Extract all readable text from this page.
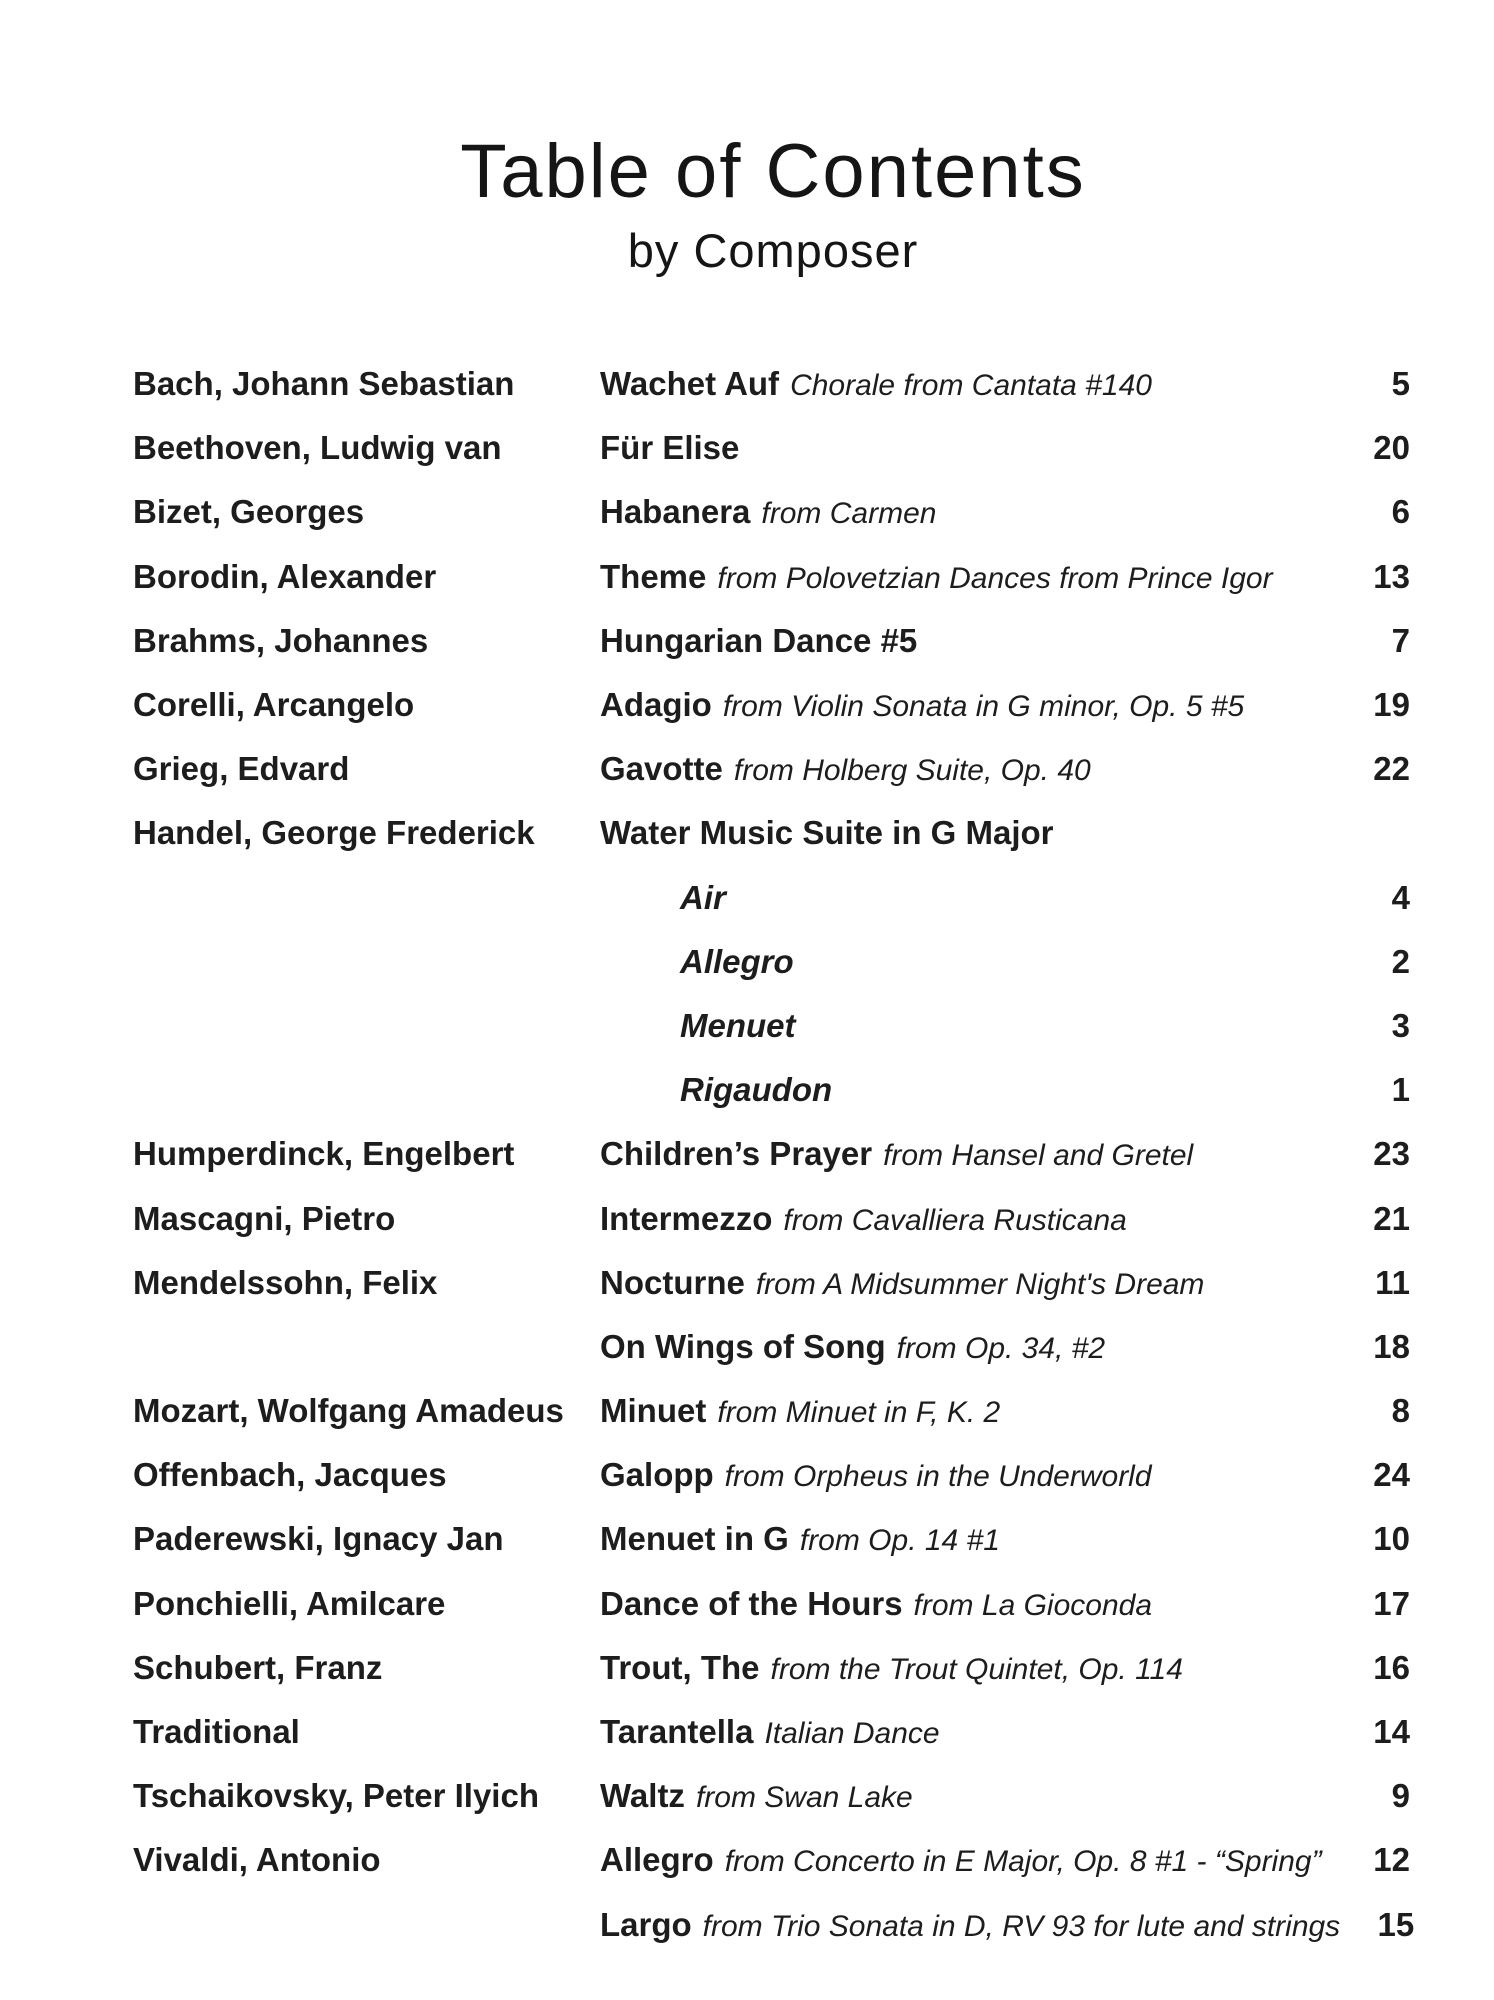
Table of Contents
by Composer
Bach, Johann Sebastian	Wachet Auf Chorale from Cantata #140	5
Beethoven, Ludwig van	Für Elise	20
Bizet, Georges	Habanera from Carmen	6
Borodin, Alexander	Theme from Polovetzian Dances from Prince Igor	13
Brahms, Johannes	Hungarian Dance #5	7
Corelli, Arcangelo	Adagio from Violin Sonata in G minor, Op. 5 #5	19
Grieg, Edvard	Gavotte from Holberg Suite, Op. 40	22
Handel, George Frederick	Water Music Suite in G Major
Air	4
Allegro	2
Menuet	3
Rigaudon	1
Humperdinck, Engelbert	Children’s Prayer from Hansel and Gretel	23
Mascagni, Pietro	Intermezzo from Cavalliera Rusticana	21
Mendelssohn, Felix	Nocturne from A Midsummer Night's Dream	11
On Wings of Song from Op. 34, #2	18
Mozart, Wolfgang Amadeus	Minuet from Minuet in F, K. 2	8
Offenbach, Jacques	Galopp from Orpheus in the Underworld	24
Paderewski, Ignacy Jan	Menuet in G from Op. 14 #1	10
Ponchielli, Amilcare	Dance of the Hours from La Gioconda	17
Schubert, Franz	Trout, The from the Trout Quintet, Op. 114	16
Traditional	Tarantella Italian Dance	14
Tschaikovsky, Peter Ilyich	Waltz from Swan Lake	9
Vivaldi, Antonio	Allegro from Concerto in E Major, Op. 8 #1 - “Spring”	12
Largo from Trio Sonata in D, RV 93 for lute and strings	15
